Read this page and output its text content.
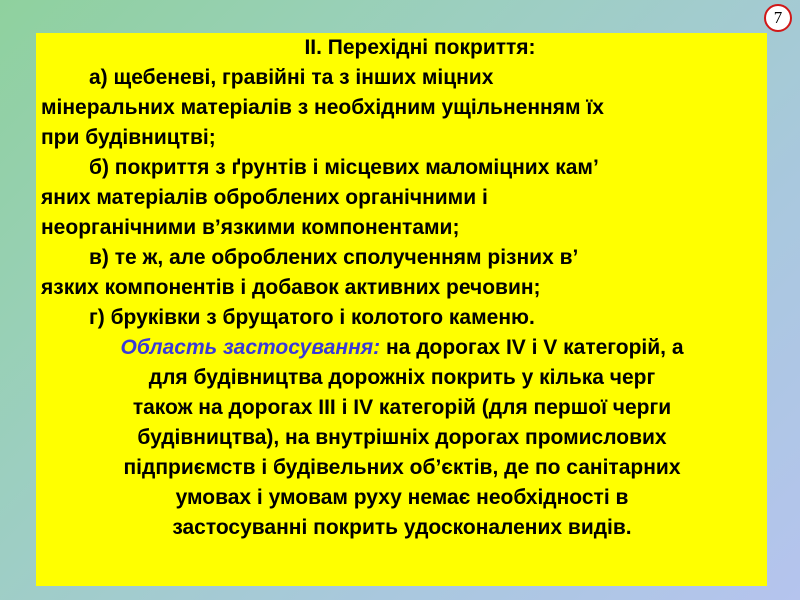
7
ІІ. Перехідні покриття:
а) щебеневі, гравійні та з інших міцних
мінеральних матеріалів з необхідним ущільненням їх
при будівництві;
б) покриття з ґрунтів і місцевих маломіцних кам’
яних матеріалів оброблених органічними і
неорганічними в’язкими компонентами;
в) те ж, але оброблених сполученням різних в’
язких компонентів і добавок активних речовин;
г) бруківки з брущатого і колотого каменю.
Область застосування: на дорогах IV і V категорій, а
для будівництва дорожніх покрить у кілька черг
також на дорогах ІІІ і IV категорій (для першої черги
будівництва), на внутрішніх дорогах промислових
підприємств і будівельних об’єктів, де по санітарних
умовах і умовам руху немає необхідності в
застосуванні покрить удосконалених видів.
